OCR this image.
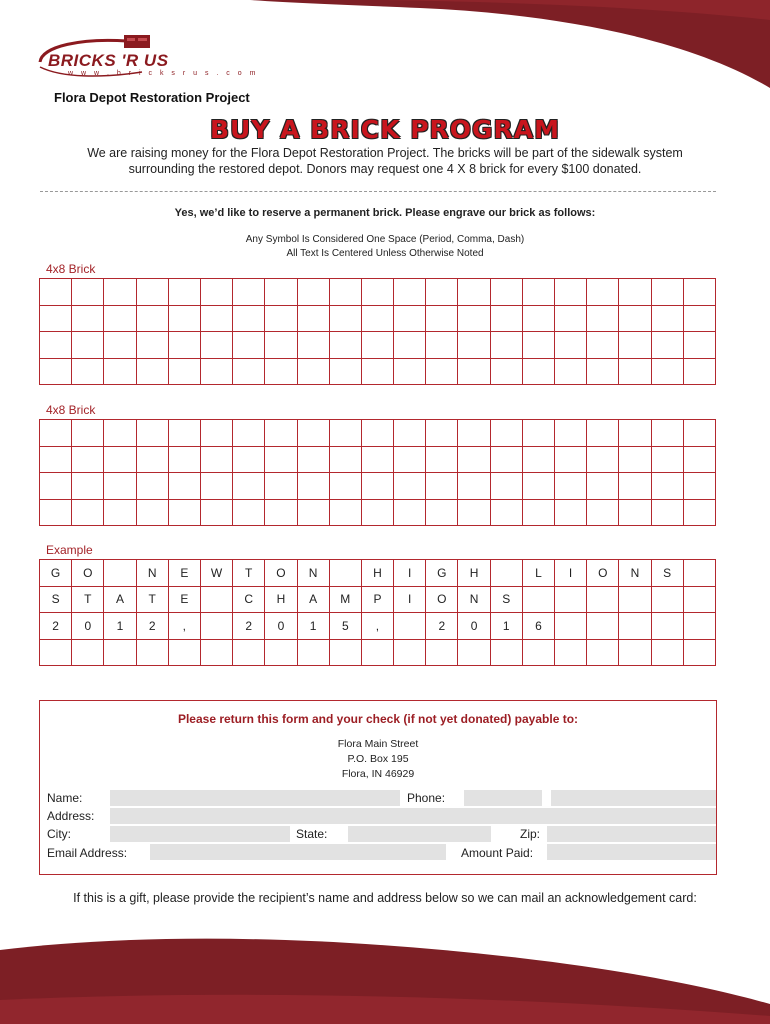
BRICKS 'R US
w w w . b r i c k s r u s . c o m
Flora Depot Restoration Project
BUY A BRICK PROGRAM
We are raising money for the Flora Depot Restoration Project. The bricks will be part of the sidewalk system
surrounding the restored depot. Donors may request one 4 X 8 brick for every $100 donated.
Yes, we’d like to reserve a permanent brick. Please engrave our brick as follows:
Any Symbol Is Considered One Space (Period, Comma, Dash)
All Text Is Centered Unless Otherwise Noted
4x8 Brick

4x8 Brick

Example
G	O		N	E	W	T	O	N		H	I	G	H		L	I	O	N	S	
S	T	A	T	E		C	H	A	M	P	I	O	N	S						
2	0	1	2	,		2	0	1	5	,		2	0	1	6					

Please return this form and your check (if not yet donated) payable to:
Flora Main Street
P.O. Box 195
Flora, IN 46929
Name:	Phone:
Address:
City:	State:	Zip:
Email Address:	Amount Paid:
If this is a gift, please provide the recipient’s name and address below so we can mail an acknowledgement card:
